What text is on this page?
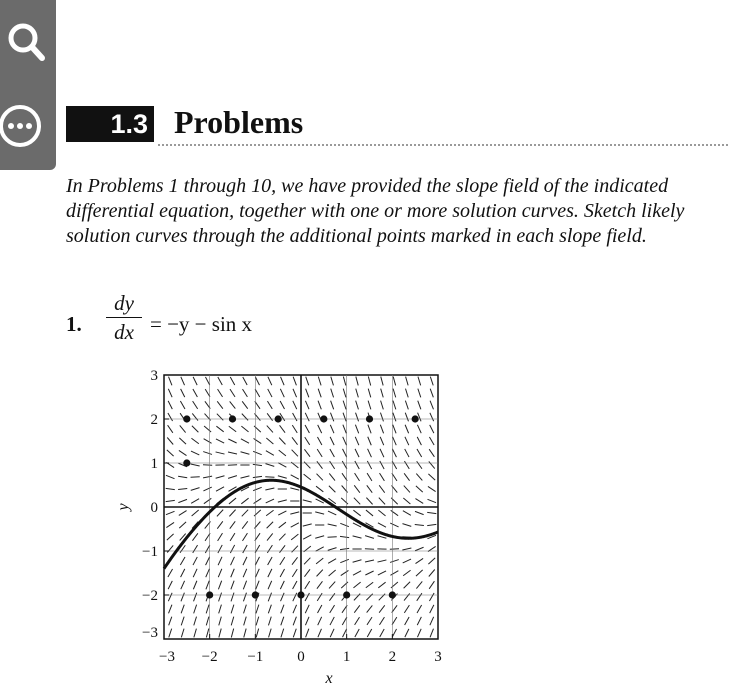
1.3 Problems
In Problems 1 through 10, we have provided the slope field of the indicated differential equation, together with one or more solution curves. Sketch likely solution curves through the additional points marked in each slope field.
1.
dy
dx = −y − sin x
−3 −2 −1 0	1	2	3
3
2
1
0
−1
−2
−3
x
y
